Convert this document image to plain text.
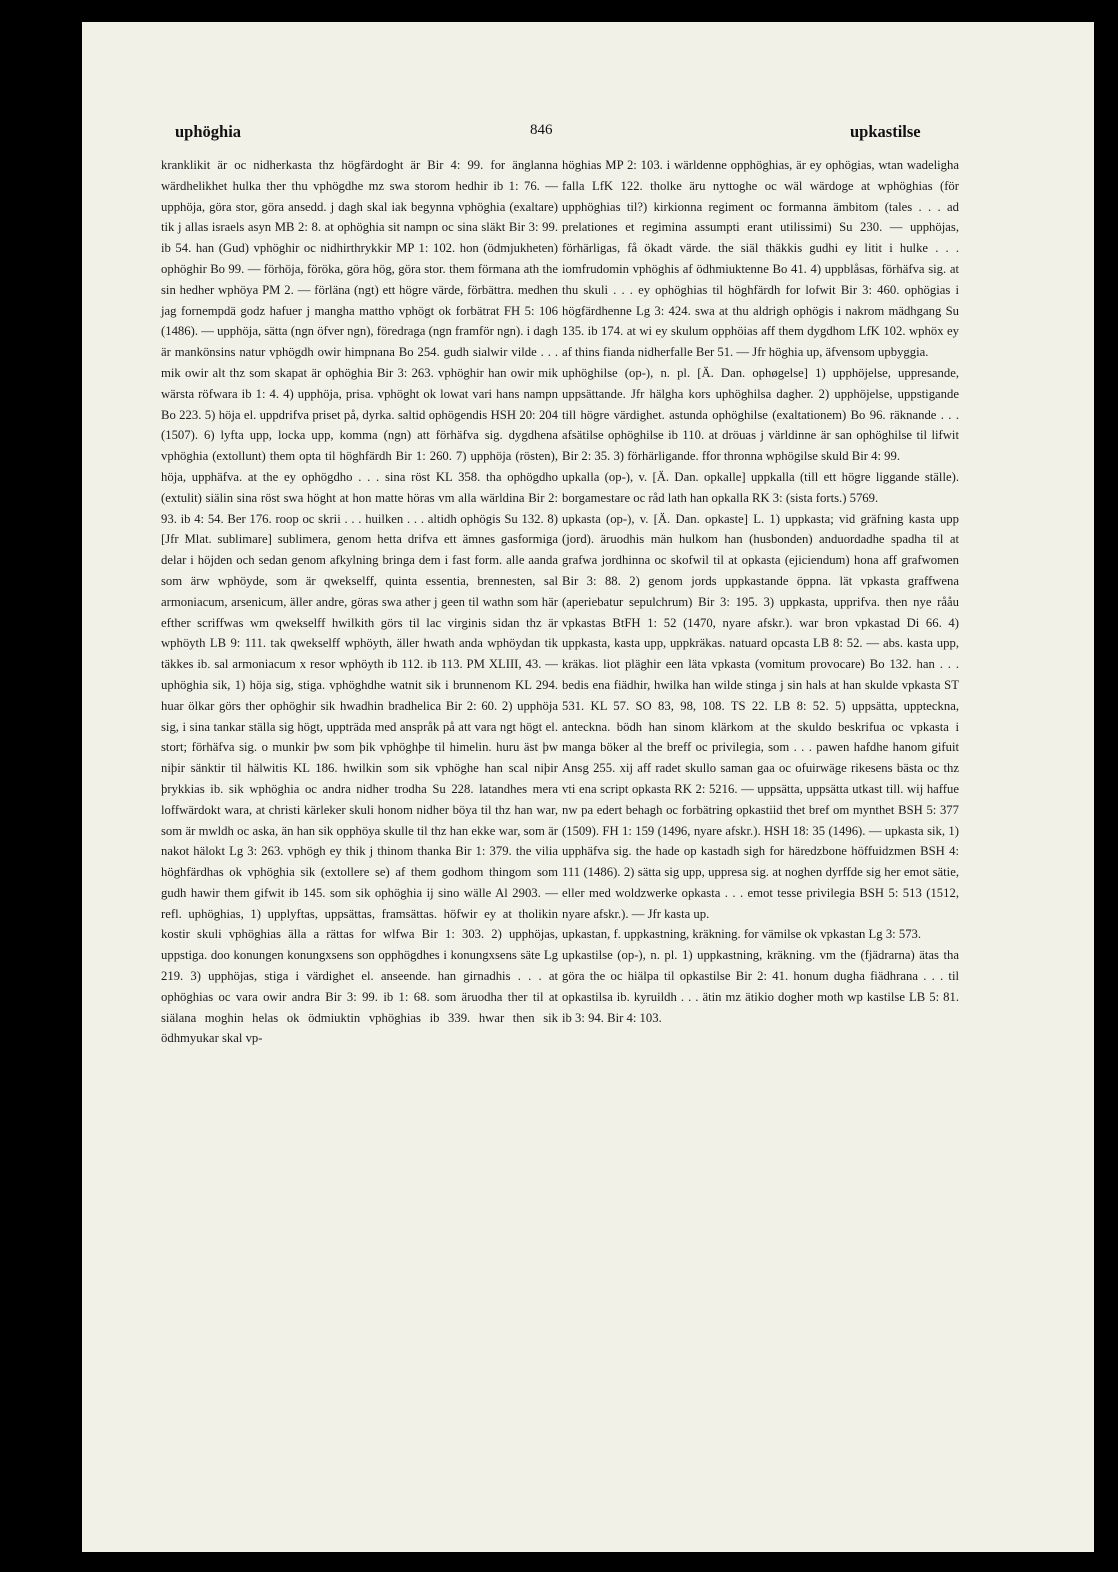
uphöghia	846	upkastilse

kranklikit är oc nidherkasta thz högfärdoght är Bir 4: 99. for änglanna wärdhelikhet hulka ther thu vphögdhe mz swa storom hedhir ib 1: 76. — upphöja, göra stor, göra ansedd. j dagh skal iak begynna vphöghia (exaltare) tik j allas israels asyn MB 2: 8. at ophöghia sit nampn oc sina släkt Bir 3: 99. ib 54. han (Gud) vphöghir oc nidhirthrykkir MP 1: 102. hon (ödmjukheten) ophöghir Bo 99. — förhöja, föröka, göra hög, göra stor. them förmana ath the sin hedher wphöya PM 2. — förläna (ngt) ett högre värde, förbättra. medhen jag fornempdä godz hafuer j mangha mattho vphögt ok forbätrat FH 5: 106 (1486). — upphöja, sätta (ngn öfver ngn), föredraga (ngn framför ngn). i dagh är mankönsins natur vphögdh owir himpnana Bo 254. gudh sialwir vilde . . . mik owir alt thz som skapat är ophöghia Bir 3: 263. vphöghir han owir mik wärsta röfwara ib 1: 4. 4) upphöja, prisa. vphöght ok lowat vari hans nampn Bo 223. 5) höja el. uppdrifva priset på, dyrka. saltid ophögendis HSH 20: 204 (1507). 6) lyfta upp, locka upp, komma (ngn) att förhäfva sig. dygdhena vphöghia (extollunt) them opta til höghfärdh Bir 1: 260. 7) upphöja (rösten), höja, upphäfva. at the ey ophögdho . . . sina röst KL 358. tha ophögdho (extulit) siälin sina röst swa höght at hon matte höras vm alla wärldina Bir 2: 93. ib 4: 54. Ber 176. roop oc skrii . . . huilken . . . altidh ophögis Su 132. 8) [Jfr Mlat. sublimare] sublimera, genom hetta drifva ett ämnes gasformiga delar i höjden och sedan genom afkylning bringa dem i fast form. alle aanda som ärw wphöyde, som är qwekselff, quinta essentia, brennesten, sal armoniacum, arsenicum, äller andre, göras swa ather j geen til wathn som här efther scriffwas wm qwekselff hwilkith görs til lac virginis sidan thz är wphöyth LB 9: 111. tak qwekselff wphöyth, äller hwath anda wphöydan tik täkkes ib. sal armoniacum x resor wphöyth ib 112. ib 113. PM XLIII, 43. — uphöghia sik, 1) höja sig, stiga. vphöghdhe watnit sik i brunnenom KL 294. huar ölkar görs ther ophöghir sik hwadhin bradhelica Bir 2: 60. 2) upphöja sig, i sina tankar ställa sig högt, uppträda med anspråk på att vara ngt högt el. stort; förhäfva sig. o munkir þw som þik vphöghþe til himelin. huru äst þw niþir sänktir til hälwitis KL 186. hwilkin som sik vphöghe han scal niþir þrykkias ib. sik wphöghia oc andra nidher trodha Su 228. latandhes mera loffwärdokt wara, at christi kärleker skuli honom nidher böya til thz han war, som är mwldh oc aska, än han sik opphöya skulle til thz han ekke war, som är nakot hälokt Lg 3: 263. vphögh ey thik j thinom thanka Bir 1: 379. the vilia höghfärdhas ok vphöghia sik (extollere se) af them godhom thingom som gudh hawir them gifwit ib 145. som sik ophöghia ij sino wälle Al 2903. — refl. uphöghias, 1) upplyftas, uppsättas, framsättas. höfwir ey at tholikin kostir skuli vphöghias älla a rättas for wlfwa Bir 1: 303. 2) upphöjas, uppstiga. doo konungen konungxsens son opphögdhes i konungxsens säte Lg 219. 3) upphöjas, stiga i värdighet el. anseende. han girnadhis . . . at ophöghias oc vara owir andra Bir 3: 99. ib 1: 68. som äruodha ther til at siälana moghin helas ok ödmiuktin vphöghias ib 339. hwar then sik ödhmyukar skal vp-

höghias MP 2: 103. i wärldenne opphöghias, är ey ophögias, wtan wadeligha falla LfK 122. tholke äru nyttoghe oc wäl wärdoge at wphöghias (för upphöghias til?) kirkionna regiment oc formanna ämbitom (tales . . . ad prelationes et regimina assumpti erant utilissimi) Su 230. — upphöjas, förhärligas, få ökadt värde. the siäl thäkkis gudhi ey litit i hulke . . . iomfrudomin vphöghis af ödhmiuktenne Bo 41. 4) uppblåsas, förhäfva sig. at thu skuli . . . ey ophöghias til höghfärdh for lofwit Bir 3: 460. ophögias i högfärdhenne Lg 3: 424. swa at thu aldrigh ophögis i nakrom mädhgang Su 135. ib 174. at wi ey skulum opphöias aff them dygdhom LfK 102. wphöx ey af thins fianda nidherfalle Ber 51. — Jfr höghia up, äfvensom upbyggia.

uphöghilse (op-), n. pl. [Ä. Dan. ophøgelse] 1) upphöjelse, uppresande, uppsättande. Jfr hälgha kors uphöghilsa dagher. 2) upphöjelse, uppstigande till högre värdighet. astunda ophöghilse (exaltationem) Bo 96. räknande . . . afsätilse ophöghilse ib 110. at dröuas j världinne är san ophöghilse til lifwit Bir 2: 35. 3) förhärligande. ffor thronna wphögilse skuld Bir 4: 99.

upkalla (op-), v. [Ä. Dan. opkalle] uppkalla (till ett högre liggande ställe). borgamestare oc råd lath han opkalla RK 3: (sista forts.) 5769.

upkasta (op-), v. [Ä. Dan. opkaste] L. 1) uppkasta; vid gräfning kasta upp (jord). äruodhis män hulkom han (husbonden) anduordadhe spadha til at grafwa jordhinna oc skofwil til at opkasta (ejiciendum) hona aff grafwomen Bir 3: 88. 2) genom jords uppkastande öppna. lät vpkasta graffwena (aperiebatur sepulchrum) Bir 3: 195. 3) uppkasta, upprifva. then nye rååu vpkastas BtFH 1: 52 (1470, nyare afskr.). war bron vpkastad Di 66. 4) uppkasta, kasta upp, uppkräkas. natuard opcasta LB 8: 52. — abs. kasta upp, kräkas. liot pläghir een läta vpkasta (vomitum provocare) Bo 132. han . . . bedis ena fiädhir, hwilka han wilde stinga j sin hals at han skulde vpkasta ST 531. KL 57. SO 83, 98, 108. TS 22. LB 8: 52. 5) uppsätta, uppteckna, anteckna. bödh han sinom klärkom at the skuldo beskrifua oc vpkasta i manga böker al the breff oc privilegia, som . . . pawen hafdhe hanom gifuit Ansg 255. xij aff radet skullo saman gaa oc ofuirwäge rikesens bästa oc thz vti ena script opkasta RK 2: 5216. — uppsätta, uppsätta utkast till. wij haffue nw pa edert behagh oc forbätring opkastiid thet bref om mynthet BSH 5: 377 (1509). FH 1: 159 (1496, nyare afskr.). HSH 18: 35 (1496). — upkasta sik, 1) upphäfva sig. the hade op kastadh sigh for häredzbone höffuidzmen BSH 4: 111 (1486). 2) sätta sig upp, uppresa sig. at noghen dyrffde sig her emot sätie, eller med woldzwerke opkasta . . . emot tesse privilegia BSH 5: 513 (1512, nyare afskr.). — Jfr kasta up.

upkastan, f. uppkastning, kräkning. for vämilse ok vpkastan Lg 3: 573.

upkastilse (op-), n. pl. 1) uppkastning, kräkning. vm the (fjädrarna) ätas tha göra the oc hiälpa til opkastilse Bir 2: 41. honum dugha fiädhrana . . . til opkastilsa ib. kyruildh . . . ätin mz ätikio dogher moth wp kastilse LB 5: 81. ib 3: 94. Bir 4: 103.
